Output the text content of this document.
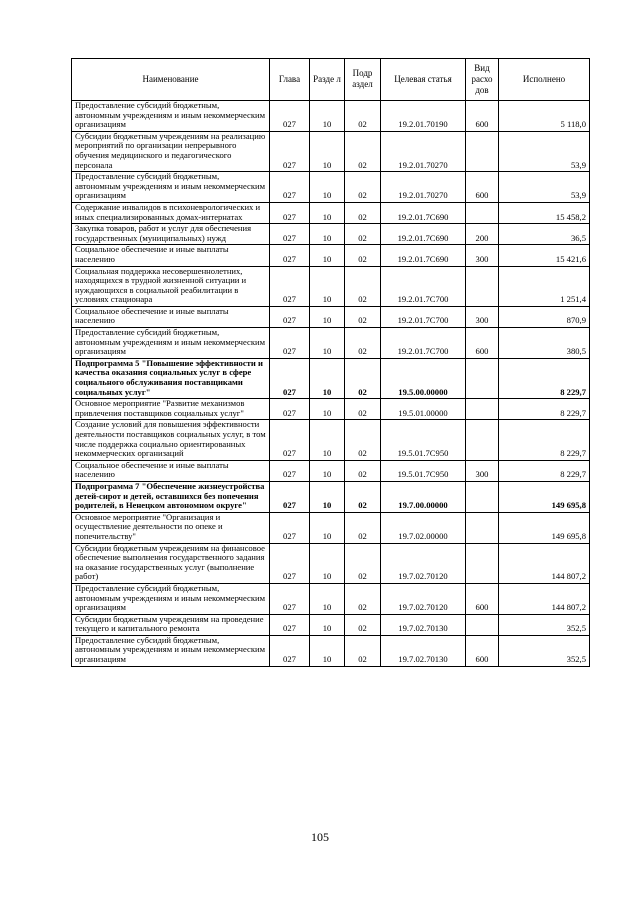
Наименование	Глава	Разде л	Подр аздел	Целевая статья	Вид расхо дов	Исполнено
Предоставление субсидий бюджетным, автономным учреждениям и иным некоммерческим организациям	027	10	02	19.2.01.70190	600	5 118,0
Субсидии бюджетным учреждениям на реализацию мероприятий по организации непрерывного обучения медицинского и педагогического персонала	027	10	02	19.2.01.70270		53,9
Предоставление субсидий бюджетным, автономным учреждениям и иным некоммерческим организациям	027	10	02	19.2.01.70270	600	53,9
Содержание инвалидов в психоневрологических и иных специализированных домах-интернатах	027	10	02	19.2.01.7С690		15 458,2
Закупка товаров, работ и услуг для обеспечения государственных (муниципальных) нужд	027	10	02	19.2.01.7С690	200	36,5
Социальное обеспечение и иные выплаты населению	027	10	02	19.2.01.7С690	300	15 421,6
Социальная поддержка несовершеннолетних, находящихся в трудной жизненной ситуации и нуждающихся в социальной реабилитации в условиях стационара	027	10	02	19.2.01.7С700		1 251,4
Социальное обеспечение и иные выплаты населению	027	10	02	19.2.01.7С700	300	870,9
Предоставление субсидий бюджетным, автономным учреждениям и иным некоммерческим организациям	027	10	02	19.2.01.7С700	600	380,5
Подпрограмма 5 "Повышение эффективности и качества оказания социальных услуг в сфере социального обслуживания поставщиками социальных услуг"	027	10	02	19.5.00.00000		8 229,7
Основное мероприятие "Развитие механизмов привлечения поставщиков социальных услуг"	027	10	02	19.5.01.00000		8 229,7
Создание условий для повышения эффективности деятельности поставщиков социальных услуг, в том числе поддержка социально ориентированных некоммерческих организаций	027	10	02	19.5.01.7С950		8 229,7
Социальное обеспечение и иные выплаты населению	027	10	02	19.5.01.7С950	300	8 229,7
Подпрограмма 7 "Обеспечение жизнеустройства детей-сирот и детей, оставшихся без попечения родителей, в Ненецком автономном округе"	027	10	02	19.7.00.00000		149 695,8
Основное мероприятие "Организация и осуществление деятельности по опеке и попечительству"	027	10	02	19.7.02.00000		149 695,8
Субсидии бюджетным учреждениям на финансовое обеспечение выполнения государственного задания на оказание государственных услуг (выполнение работ)	027	10	02	19.7.02.70120		144 807,2
Предоставление субсидий бюджетным, автономным учреждениям и иным некоммерческим организациям	027	10	02	19.7.02.70120	600	144 807,2
Субсидии бюджетным учреждениям на проведение текущего и капитального ремонта	027	10	02	19.7.02.70130		352,5
Предоставление субсидий бюджетным, автономным учреждениям и иным некоммерческим организациям	027	10	02	19.7.02.70130	600	352,5
105
